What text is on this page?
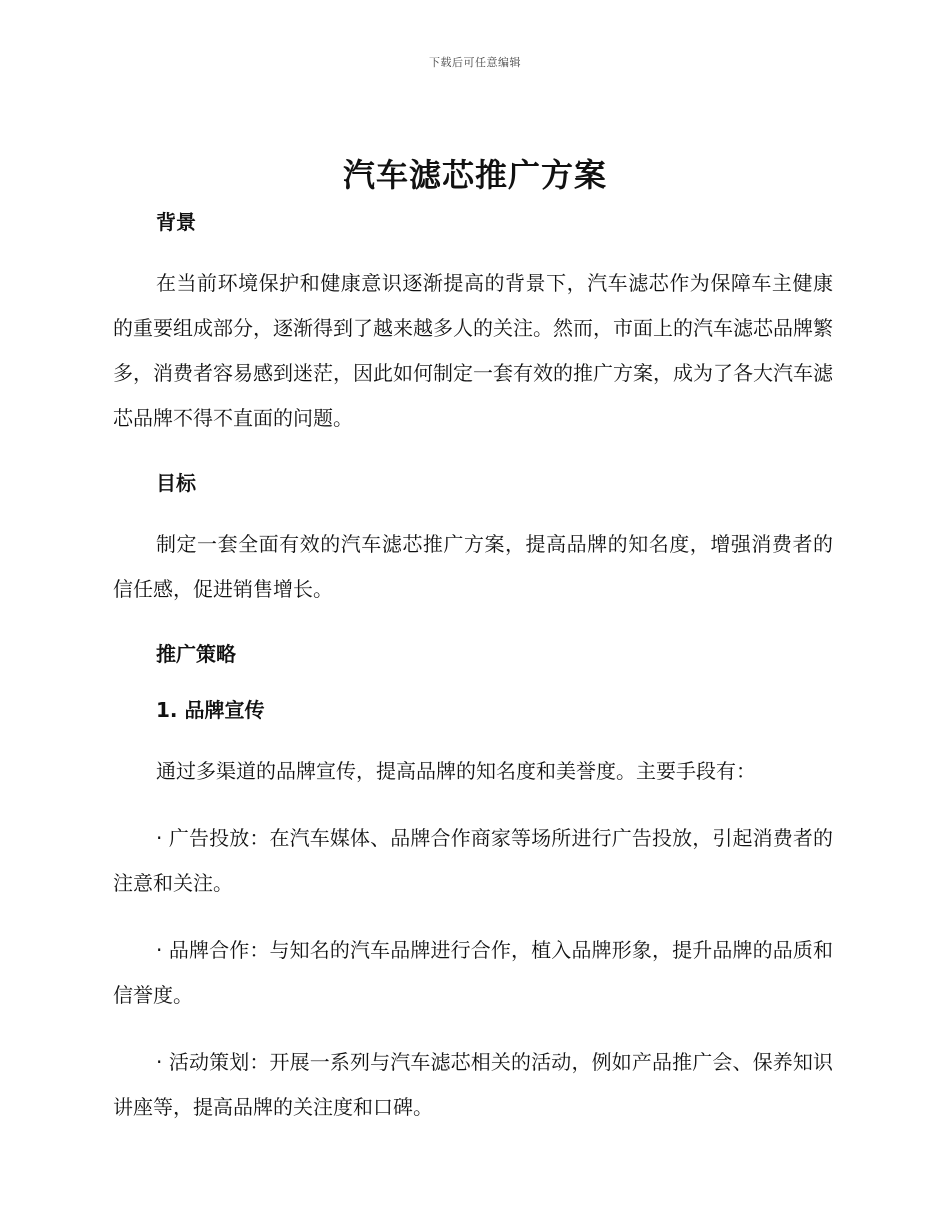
下载后可任意编辑
汽车滤芯推广方案
背景

在当前环境保护和健康意识逐渐提高的背景下，汽车滤芯作为保障车主健康的重要组成部分，逐渐得到了越来越多人的关注。然而，市面上的汽车滤芯品牌繁多，消费者容易感到迷茫，因此如何制定一套有效的推广方案，成为了各大汽车滤芯品牌不得不直面的问题。

目标

制定一套全面有效的汽车滤芯推广方案，提高品牌的知名度，增强消费者的信任感，促进销售增长。

推广策略
1. 品牌宣传

通过多渠道的品牌宣传，提高品牌的知名度和美誉度。主要手段有：

· 广告投放：在汽车媒体、品牌合作商家等场所进行广告投放，引起消费者的注意和关注。

· 品牌合作：与知名的汽车品牌进行合作，植入品牌形象，提升品牌的品质和信誉度。

· 活动策划：开展一系列与汽车滤芯相关的活动，例如产品推广会、保养知识讲座等，提高品牌的关注度和口碑。
